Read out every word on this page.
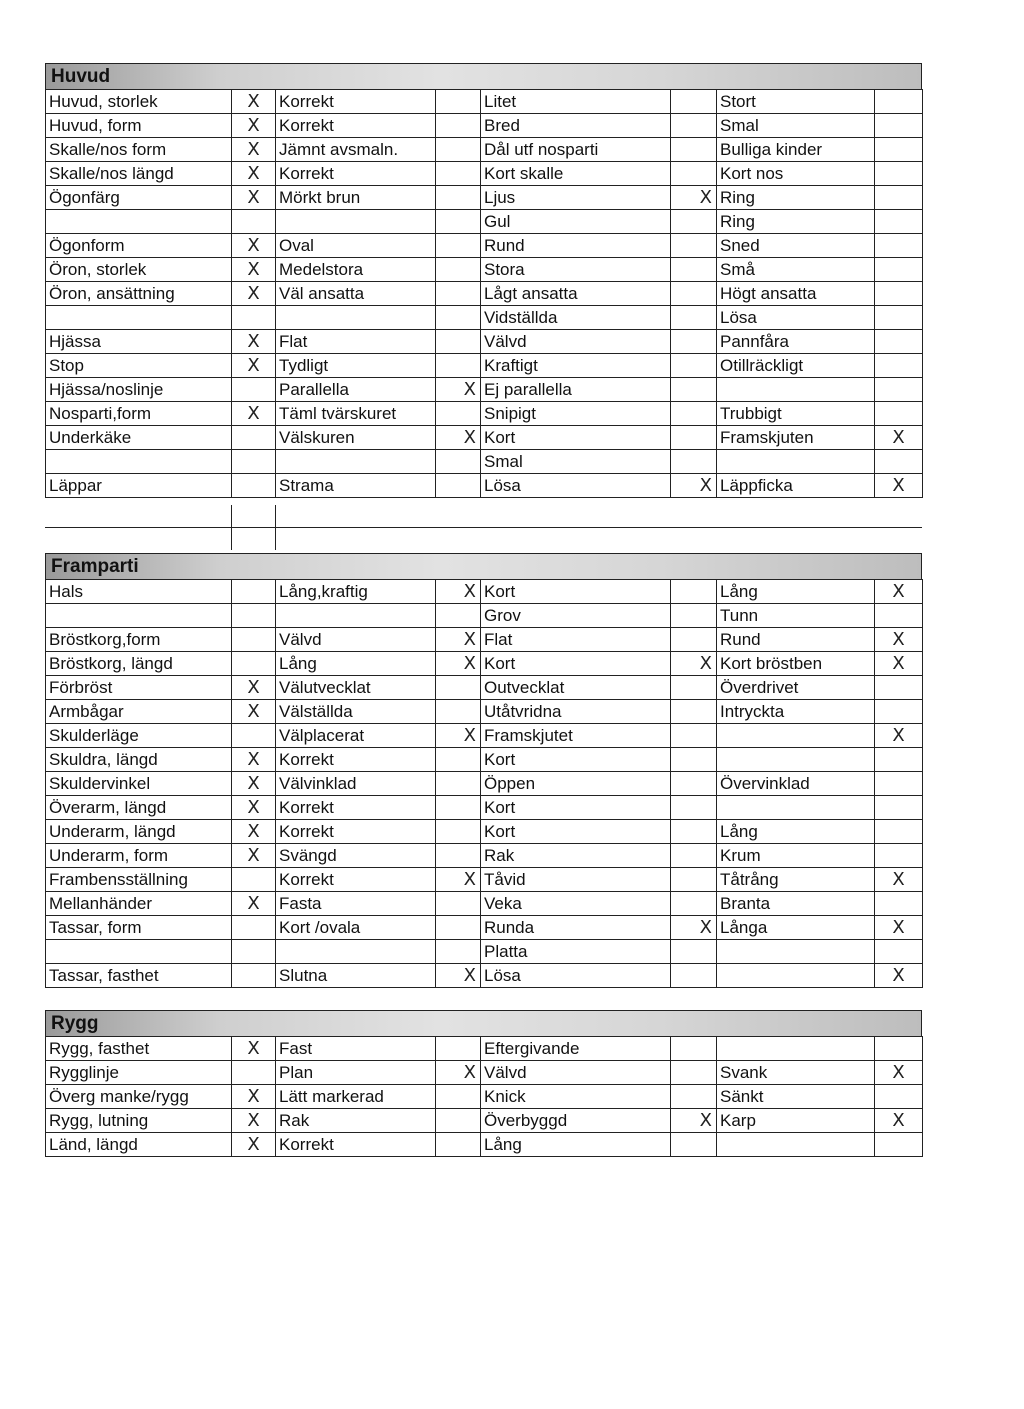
Huvud
Huvud, storlek	X	Korrekt		Litet		Stort	
Huvud, form	X	Korrekt		Bred		Smal	
Skalle/nos form	X	Jämnt avsmaln.		Dål utf nosparti		Bulliga kinder	
Skalle/nos längd	X	Korrekt		Kort skalle		Kort nos	
Ögonfärg	X	Mörkt brun		Ljus	X	Ring	
				Gul		Ring	
Ögonform	X	Oval		Rund		Sned	
Öron, storlek	X	Medelstora		Stora		Små	
Öron, ansättning	X	Väl ansatta		Lågt ansatta		Högt ansatta	
				Vidställda		Lösa	
Hjässa	X	Flat		Välvd		Pannfåra	
Stop	X	Tydligt		Kraftigt		Otillräckligt	
Hjässa/noslinje		Parallella	X	Ej parallella			
Nosparti,form	X	Täml tvärskuret		Snipigt		Trubbigt	
Underkäke		Välskuren	X	Kort		Framskjuten	X
				Smal			
Läppar		Strama		Lösa	X	Läppficka	X
Framparti
Hals		Lång,kraftig	X	Kort		Lång	X
				Grov		Tunn	
Bröstkorg,form		Välvd	X	Flat		Rund	X
Bröstkorg, längd		Lång	X	Kort	X	Kort bröstben	X
Förbröst	X	Välutvecklat		Outvecklat		Överdrivet	
Armbågar	X	Välställda		Utåtvridna		Intryckta	
Skulderläge		Välplacerat	X	Framskjutet			X
Skuldra, längd	X	Korrekt		Kort			
Skuldervinkel	X	Välvinklad		Öppen		Övervinklad	
Överarm, längd	X	Korrekt		Kort			
Underarm, längd	X	Korrekt		Kort		Lång	
Underarm, form	X	Svängd		Rak		Krum	
Frambensställning		Korrekt	X	Tåvid		Tåtrång	X
Mellanhänder	X	Fasta		Veka		Branta	
Tassar, form		Kort /ovala		Runda	X	Långa	X
				Platta			
Tassar, fasthet		Slutna	X	Lösa			X
Rygg
Rygg, fasthet	X	Fast		Eftergivande			
Rygglinje		Plan	X	Välvd		Svank	X
Överg manke/rygg	X	Lätt markerad		Knick		Sänkt	
Rygg, lutning	X	Rak		Överbyggd	X	Karp	X
Länd, längd	X	Korrekt		Lång			
